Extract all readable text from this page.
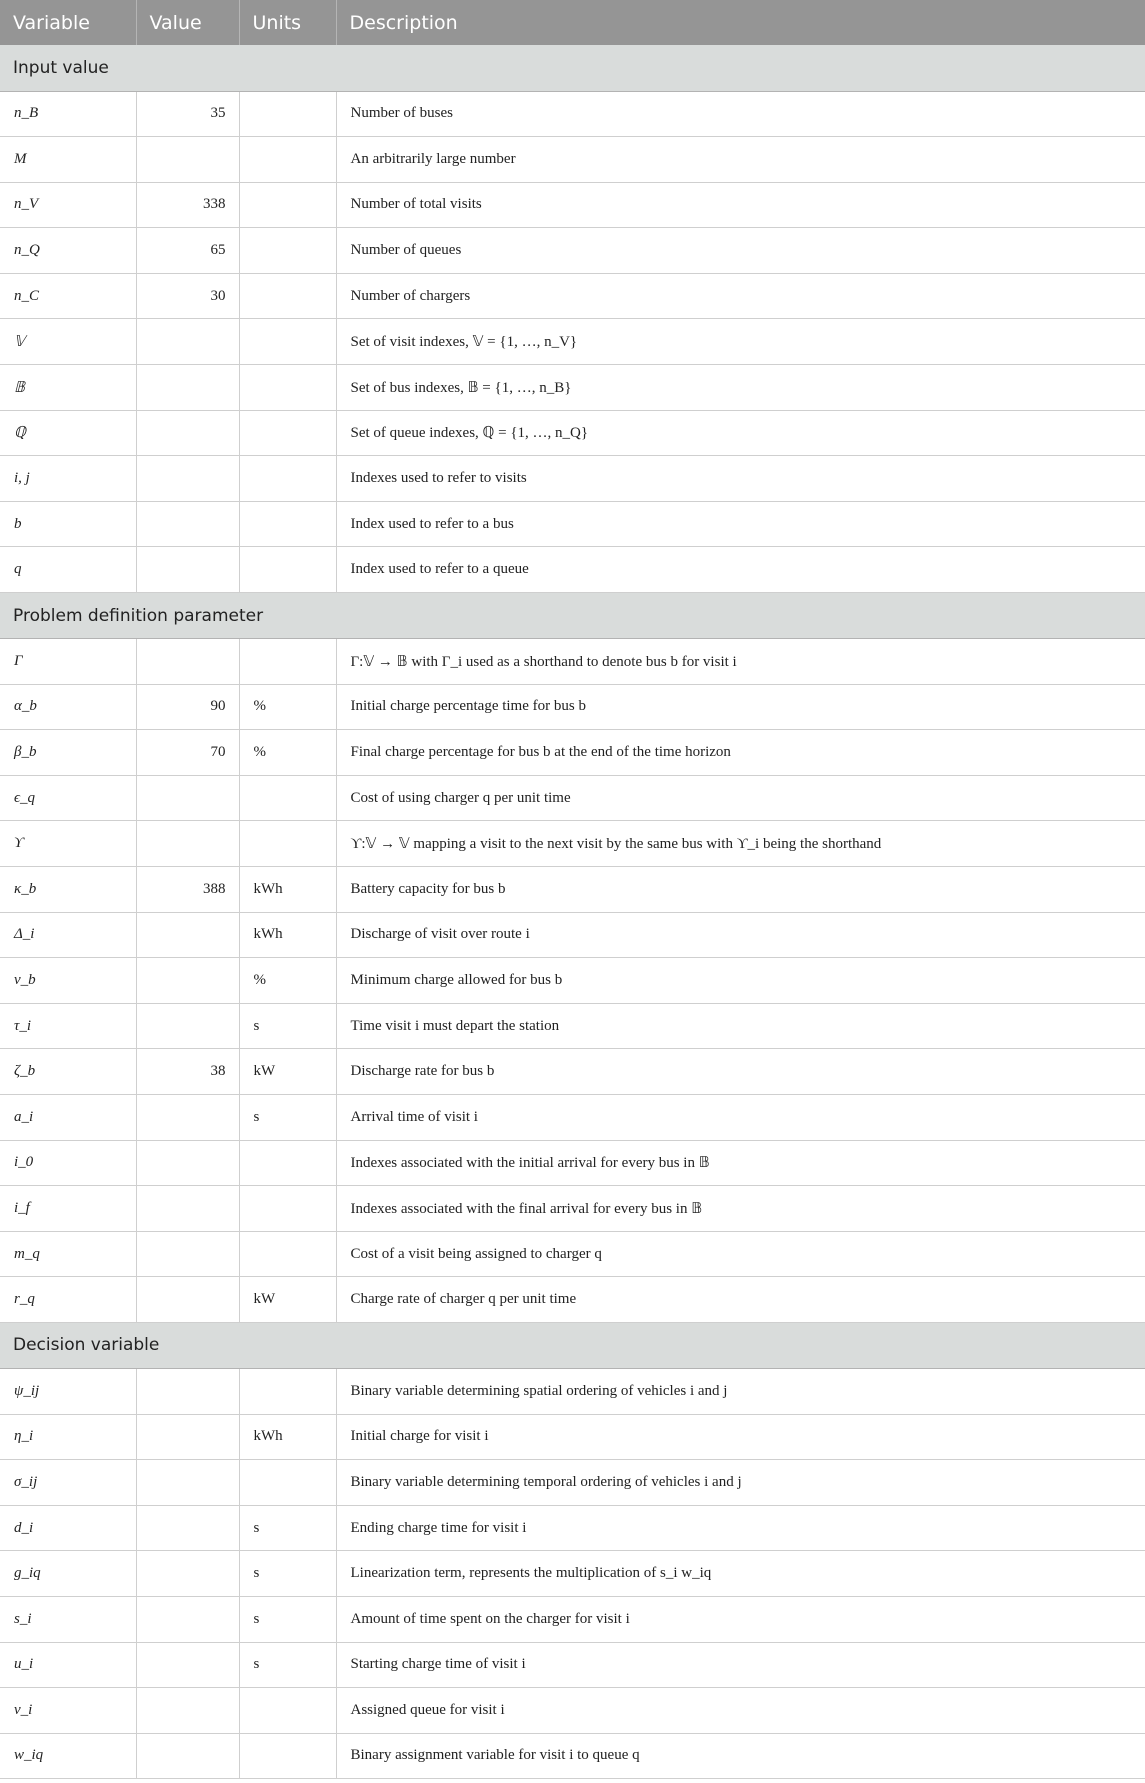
Variable	Value	Units	Description
Input value			
n_B	35		Number of buses
M			An arbitrarily large number
n_V	338		Number of total visits
n_Q	65		Number of queues
n_C	30		Number of chargers
𝕍			Set of visit indexes, 𝕍 = {1, …, n_V}
𝔹			Set of bus indexes, 𝔹 = {1, …, n_B}
ℚ			Set of queue indexes, ℚ = {1, …, n_Q}
i, j			Indexes used to refer to visits
b			Index used to refer to a bus
q			Index used to refer to a queue
Problem definition parameter			
Γ			Γ:𝕍 → 𝔹 with Γ_i used as a shorthand to denote bus b for visit i
α_b	90	%	Initial charge percentage time for bus b
β_b	70	%	Final charge percentage for bus b at the end of the time horizon
ϵ_q			Cost of using charger q per unit time
ϒ			ϒ:𝕍 → 𝕍 mapping a visit to the next visit by the same bus with ϒ_i being the shorthand
κ_b	388	kWh	Battery capacity for bus b
Δ_i		kWh	Discharge of visit over route i
ν_b		%	Minimum charge allowed for bus b
τ_i		s	Time visit i must depart the station
ζ_b	38	kW	Discharge rate for bus b
a_i		s	Arrival time of visit i
i_0			Indexes associated with the initial arrival for every bus in 𝔹
i_f			Indexes associated with the final arrival for every bus in 𝔹
m_q			Cost of a visit being assigned to charger q
r_q		kW	Charge rate of charger q per unit time
Decision variable			
ψ_ij			Binary variable determining spatial ordering of vehicles i and j
η_i		kWh	Initial charge for visit i
σ_ij			Binary variable determining temporal ordering of vehicles i and j
d_i		s	Ending charge time for visit i
g_iq		s	Linearization term, represents the multiplication of s_i w_iq
s_i		s	Amount of time spent on the charger for visit i
u_i		s	Starting charge time of visit i
v_i			Assigned queue for visit i
w_iq			Binary assignment variable for visit i to queue q
